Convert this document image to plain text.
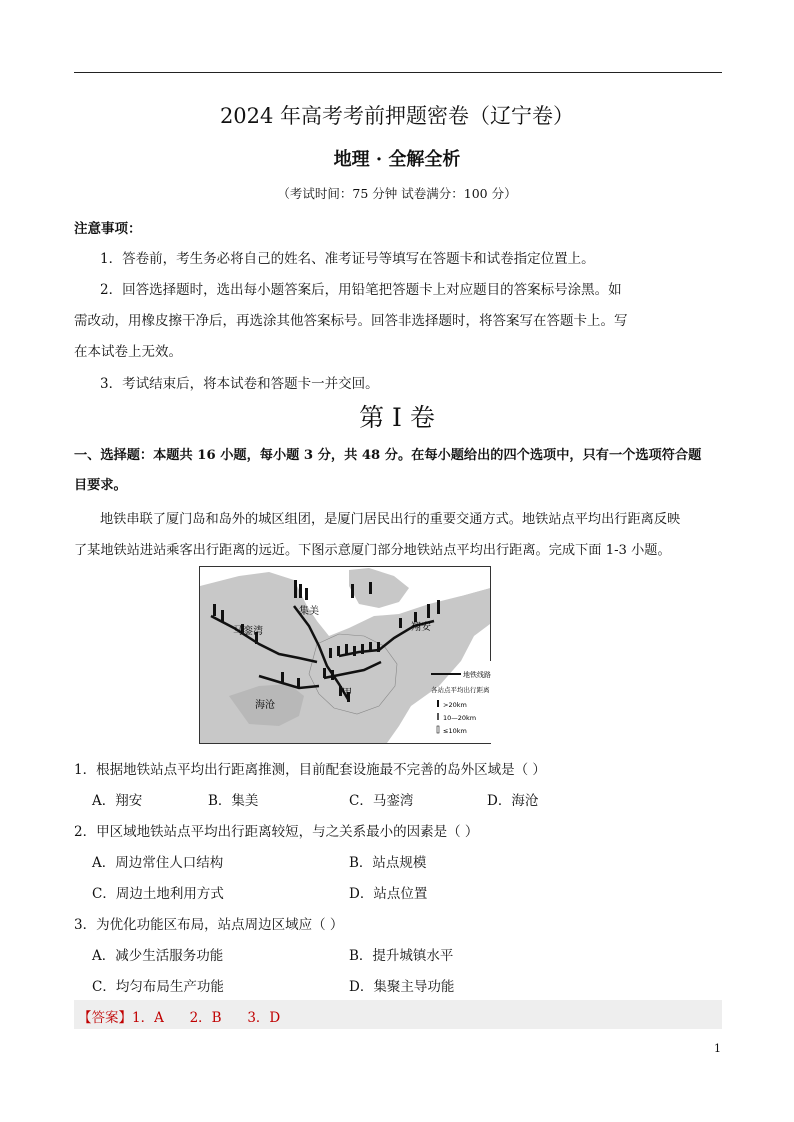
2024 年高考考前押题密卷（辽宁卷）
地理 · 全解全析
（考试时间：75 分钟 试卷满分：100 分）
注意事项：
1．答卷前，考生务必将自己的姓名、准考证号等填写在答题卡和试卷指定位置上。
2．回答选择题时，选出每小题答案后，用铅笔把答题卡上对应题目的答案标号涂黑。如
需改动，用橡皮擦干净后，再选涂其他答案标号。回答非选择题时，将答案写在答题卡上。写
在本试卷上无效。
3．考试结束后，将本试卷和答题卡一并交回。
第 I 卷
一、选择题：本题共 16 小题，每小题 3 分，共 48 分。在每小题给出的四个选项中，只有一个选项符合题
目要求。
地铁串联了厦门岛和岛外的城区组团，是厦门居民出行的重要交通方式。地铁站点平均出行距离反映
了某地铁站进站乘客出行距离的远近。下图示意厦门部分地铁站点平均出行距离。完成下面 1-3 小题。
集美
马銮湾	翔安
海沧
甲
地铁线路
各站点平均出行距离
>20km
10—20km
≤10km
1．根据地铁站点平均出行距离推测，目前配套设施最不完善的岛外区域是（ ）
A．翔安	B．集美	C．马銮湾	D．海沧
2．甲区域地铁站点平均出行距离较短，与之关系最小的因素是（ ）
A．周边常住人口结构	B．站点规模
C．周边土地利用方式	D．站点位置
3．为优化功能区布局，站点周边区域应（ ）
A．减少生活服务功能	B．提升城镇水平
C．均匀布局生产功能	D．集聚主导功能
【答案】1．A      2．B      3．D
1
